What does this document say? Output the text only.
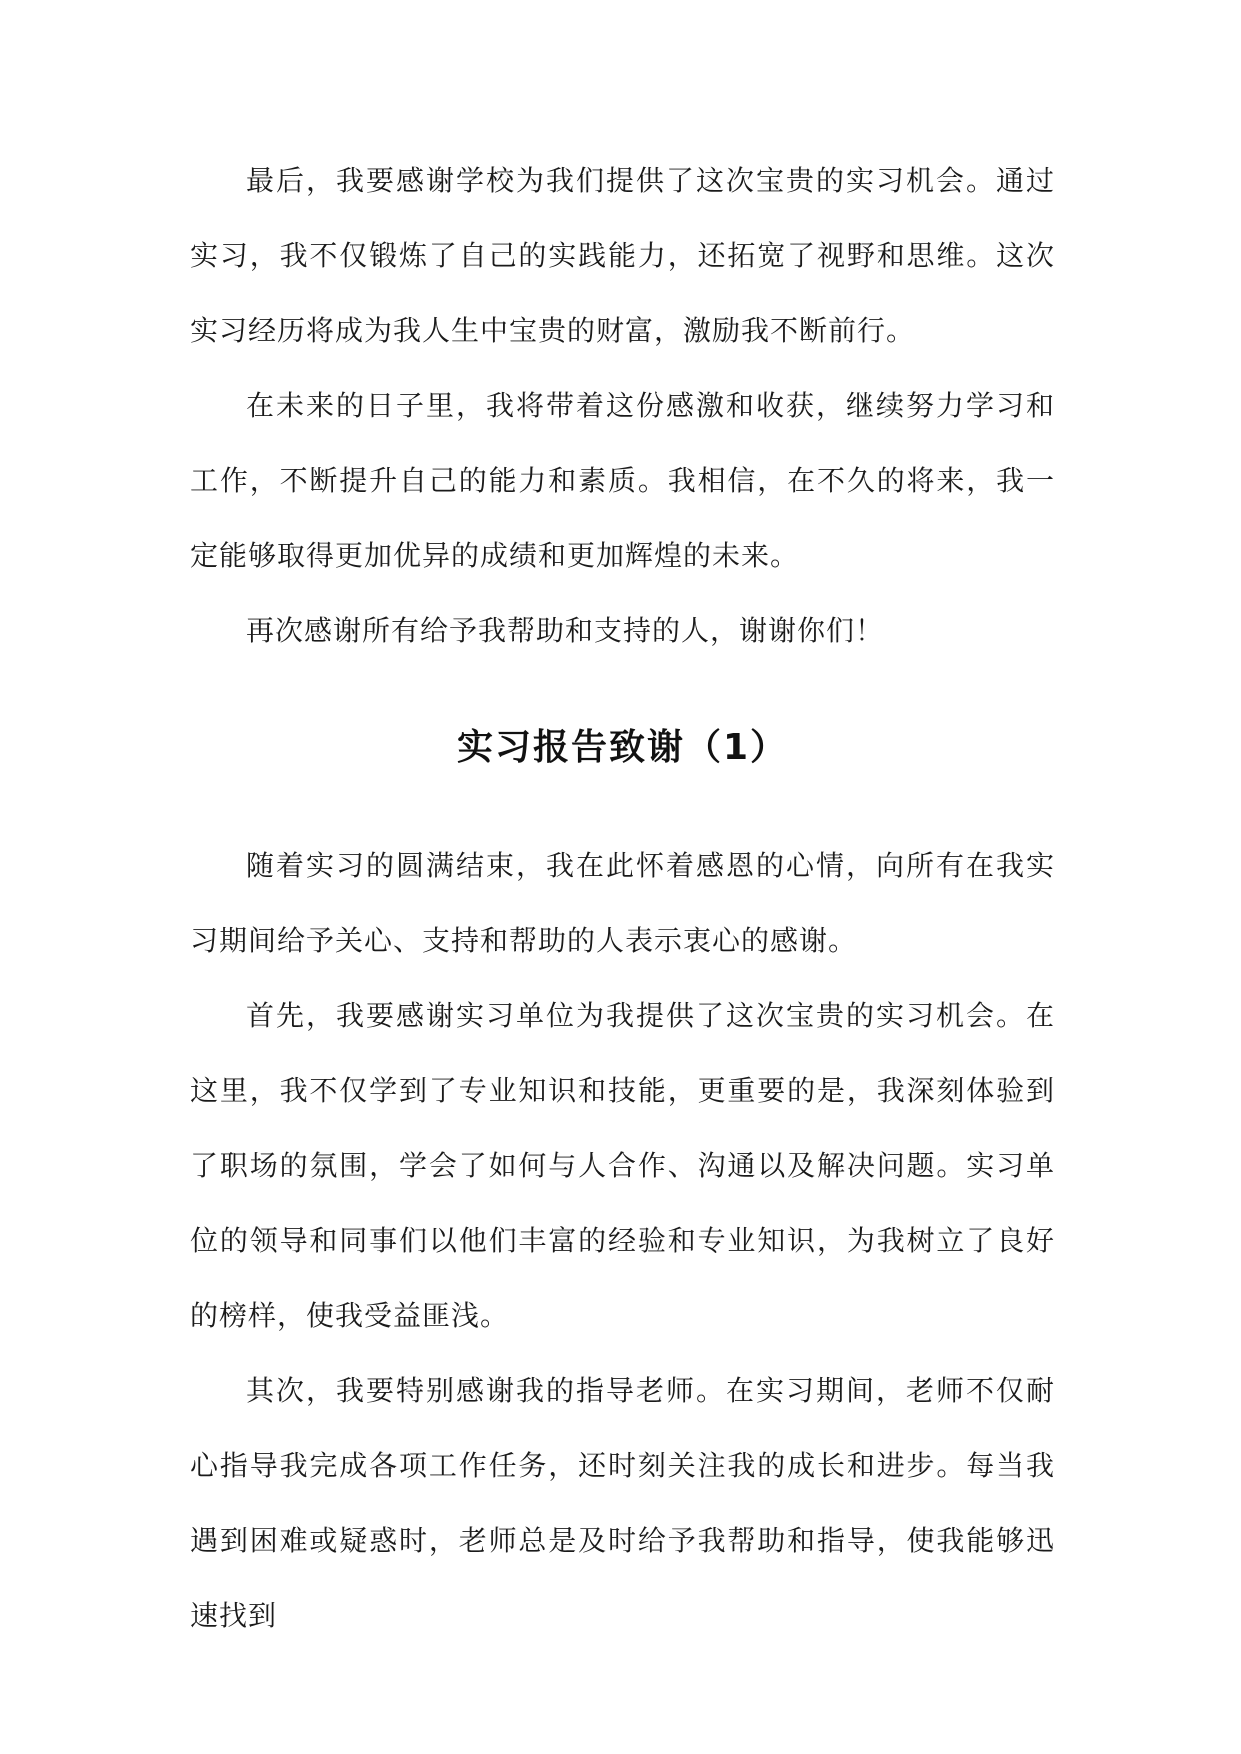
最后，我要感谢学校为我们提供了这次宝贵的实习机会。通过实习，我不仅锻炼了自己的实践能力，还拓宽了视野和思维。这次实习经历将成为我人生中宝贵的财富，激励我不断前行。

在未来的日子里，我将带着这份感激和收获，继续努力学习和工作，不断提升自己的能力和素质。我相信，在不久的将来，我一定能够取得更加优异的成绩和更加辉煌的未来。

再次感谢所有给予我帮助和支持的人，谢谢你们！

实习报告致谢（1）

随着实习的圆满结束，我在此怀着感恩的心情，向所有在我实习期间给予关心、支持和帮助的人表示衷心的感谢。

首先，我要感谢实习单位为我提供了这次宝贵的实习机会。在这里，我不仅学到了专业知识和技能，更重要的是，我深刻体验到了职场的氛围，学会了如何与人合作、沟通以及解决问题。实习单位的领导和同事们以他们丰富的经验和专业知识，为我树立了良好的榜样，使我受益匪浅。

其次，我要特别感谢我的指导老师。在实习期间，老师不仅耐心指导我完成各项工作任务，还时刻关注我的成长和进步。每当我遇到困难或疑惑时，老师总是及时给予我帮助和指导，使我能够迅速找到
